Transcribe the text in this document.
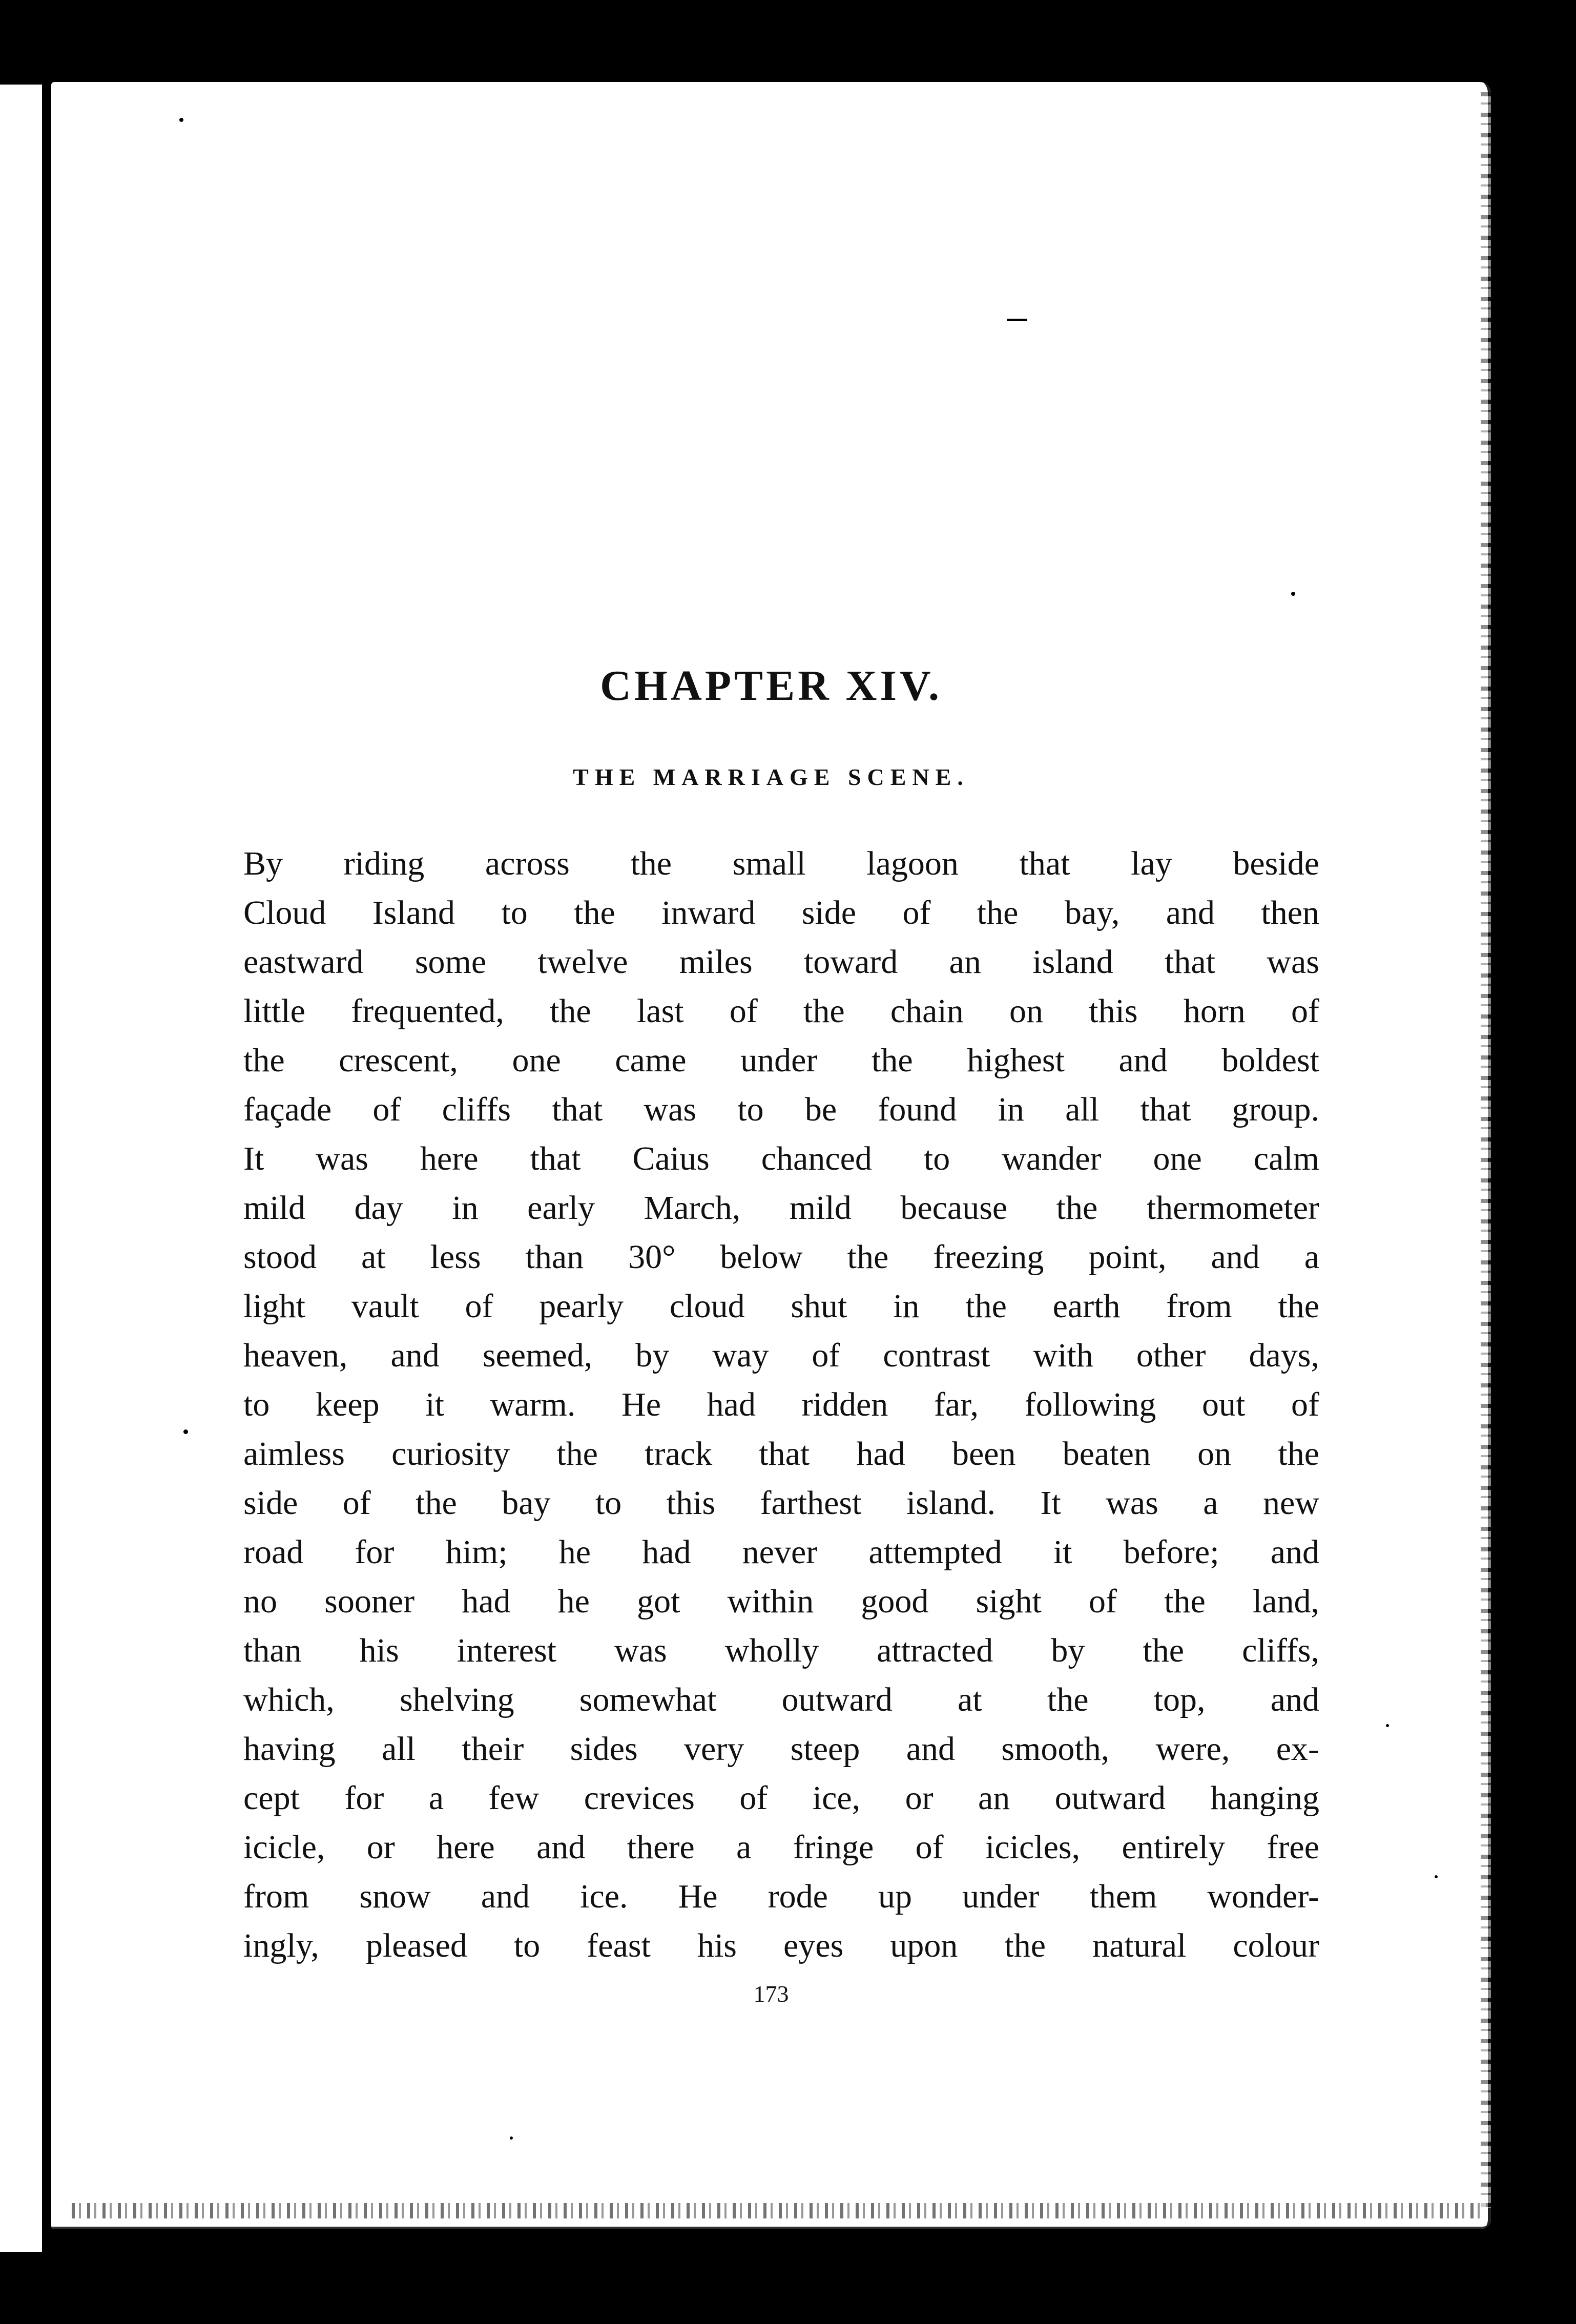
CHAPTER XIV.
THE MARRIAGE SCENE.
By riding across the small lagoon that lay beside
Cloud Island to the inward side of the bay, and then
eastward some twelve miles toward an island that was
little frequented, the last of the chain on this horn of
the crescent, one came under the highest and boldest
façade of cliffs that was to be found in all that group.
It was here that Caius chanced to wander one calm
mild day in early March, mild because the thermometer
stood at less than 30° below the freezing point, and a
light vault of pearly cloud shut in the earth from the
heaven, and seemed, by way of contrast with other days,
to keep it warm. He had ridden far, following out of
aimless curiosity the track that had been beaten on the
side of the bay to this farthest island. It was a new
road for him; he had never attempted it before; and
no sooner had he got within good sight of the land,
than his interest was wholly attracted by the cliffs,
which, shelving somewhat outward at the top, and
having all their sides very steep and smooth, were, ex-
cept for a few crevices of ice, or an outward hanging
icicle, or here and there a fringe of icicles, entirely free
from snow and ice. He rode up under them wonder-
ingly, pleased to feast his eyes upon the natural colour

173
